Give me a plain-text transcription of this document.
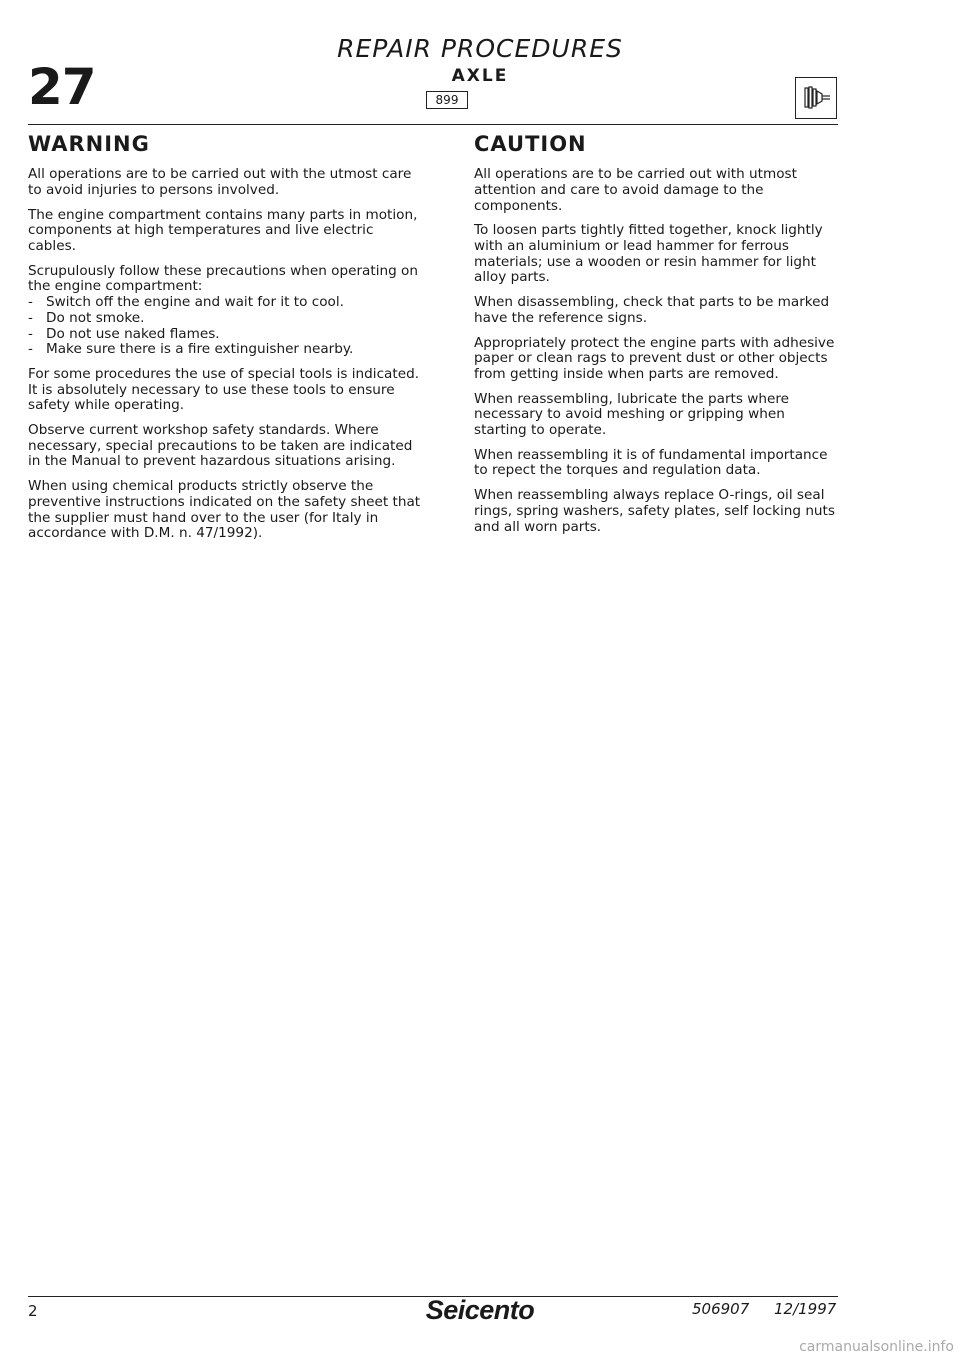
27
REPAIR PROCEDURES
AXLE
899
WARNING

All operations are to be carried out with the utmost care to avoid injuries to persons involved.

The engine compartment contains many parts in motion, components at high temperatures and live electric cables.

Scrupulously follow these precautions when operating on the engine compartment:

- Switch off the engine and wait for it to cool.
- Do not smoke.
- Do not use naked flames.
- Make sure there is a fire extinguisher nearby.

For some procedures the use of special tools is indicated. It is absolutely necessary to use these tools to ensure safety while operating.

Observe current workshop safety standards. Where necessary, special precautions to be taken are indicated in the Manual to prevent hazardous situations arising.

When using chemical products strictly observe the preventive instructions indicated on the safety sheet that the supplier must hand over to the user (for Italy in accordance with D.M. n. 47/1992).

CAUTION

All operations are to be carried out with utmost attention and care to avoid damage to the components.

To loosen parts tightly fitted together, knock lightly with an aluminium or lead hammer for ferrous materials; use a wooden or resin hammer for light alloy parts.

When disassembling, check that parts to be marked have the reference signs.

Appropriately protect the engine parts with adhesive paper or clean rags to prevent dust or other objects from getting inside when parts are removed.

When reassembling, lubricate the parts where necessary to avoid meshing or gripping when starting to operate.

When reassembling it is of fundamental importance to repect the torques and regulation data.

When reassembling always replace O-rings, oil seal rings, spring washers, safety plates, self locking nuts and all worn parts.

2	Seicento	506907 12/1997
carmanualsonline.info
